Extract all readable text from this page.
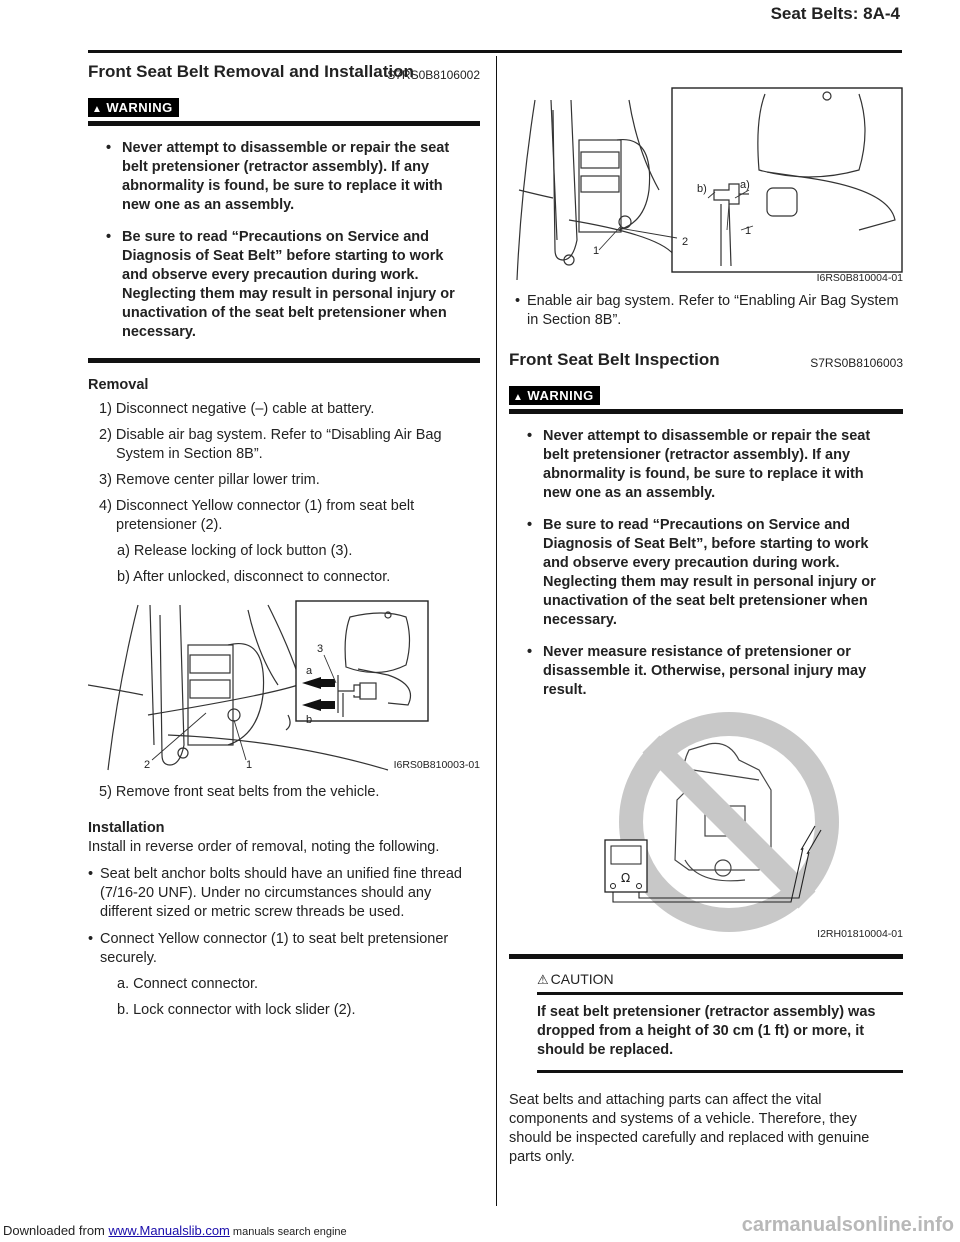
Seat Belts: 8A-4
Front Seat Belt Removal and Installation
S7RS0B8106002
▲ WARNING
• Never attempt to disassemble or repair the seat belt pretensioner (retractor assembly). If any abnormality is found, be sure to replace it with new one as an assembly.
• Be sure to read “Precautions on Service and Diagnosis of Seat Belt” before starting to work and observe every precaution during work. Neglecting them may result in personal injury or unactivation of the seat belt pretensioner when necessary.
Removal
1) Disconnect negative (–) cable at battery.
2) Disable air bag system. Refer to “Disabling Air Bag System in Section 8B”.
3) Remove center pillar lower trim.
4) Disconnect Yellow connector (1) from seat belt pretensioner (2).
a) Release locking of lock button (3).
b) After unlocked, disconnect to connector.
3
a
b
2	1	I6RS0B810003-01
5) Remove front seat belts from the vehicle.
Installation
Install in reverse order of removal, noting the following.
• Seat belt anchor bolts should have an unified fine thread (7/16-20 UNF). Under no circumstances should any different sized or metric screw threads be used.
• Connect Yellow connector (1) to seat belt pretensioner securely.
a. Connect connector.
b. Lock connector with lock slider (2).
b)	a)
1
2
1
I6RS0B810004-01
• Enable air bag system. Refer to “Enabling Air Bag System in Section 8B”.
Front Seat Belt Inspection	S7RS0B8106003
▲ WARNING
• Never attempt to disassemble or repair the seat belt pretensioner (retractor assembly). If any abnormality is found, be sure to replace it with new one as an assembly.
• Be sure to read “Precautions on Service and Diagnosis of Seat Belt”, before starting to work and observe every precaution during work. Neglecting them may result in personal injury or unactivation of the seat belt pretensioner when necessary.
• Never measure resistance of pretensioner or disassemble it. Otherwise, personal injury may result.
Ω
I2RH01810004-01
⚠ CAUTION
If seat belt pretensioner (retractor assembly) was dropped from a height of 30 cm (1 ft) or more, it should be replaced.
Seat belts and attaching parts can affect the vital components and systems of a vehicle. Therefore, they should be inspected carefully and replaced with genuine parts only.
Downloaded from www.Manualslib.com manuals search engine	carmanualsonline.info
